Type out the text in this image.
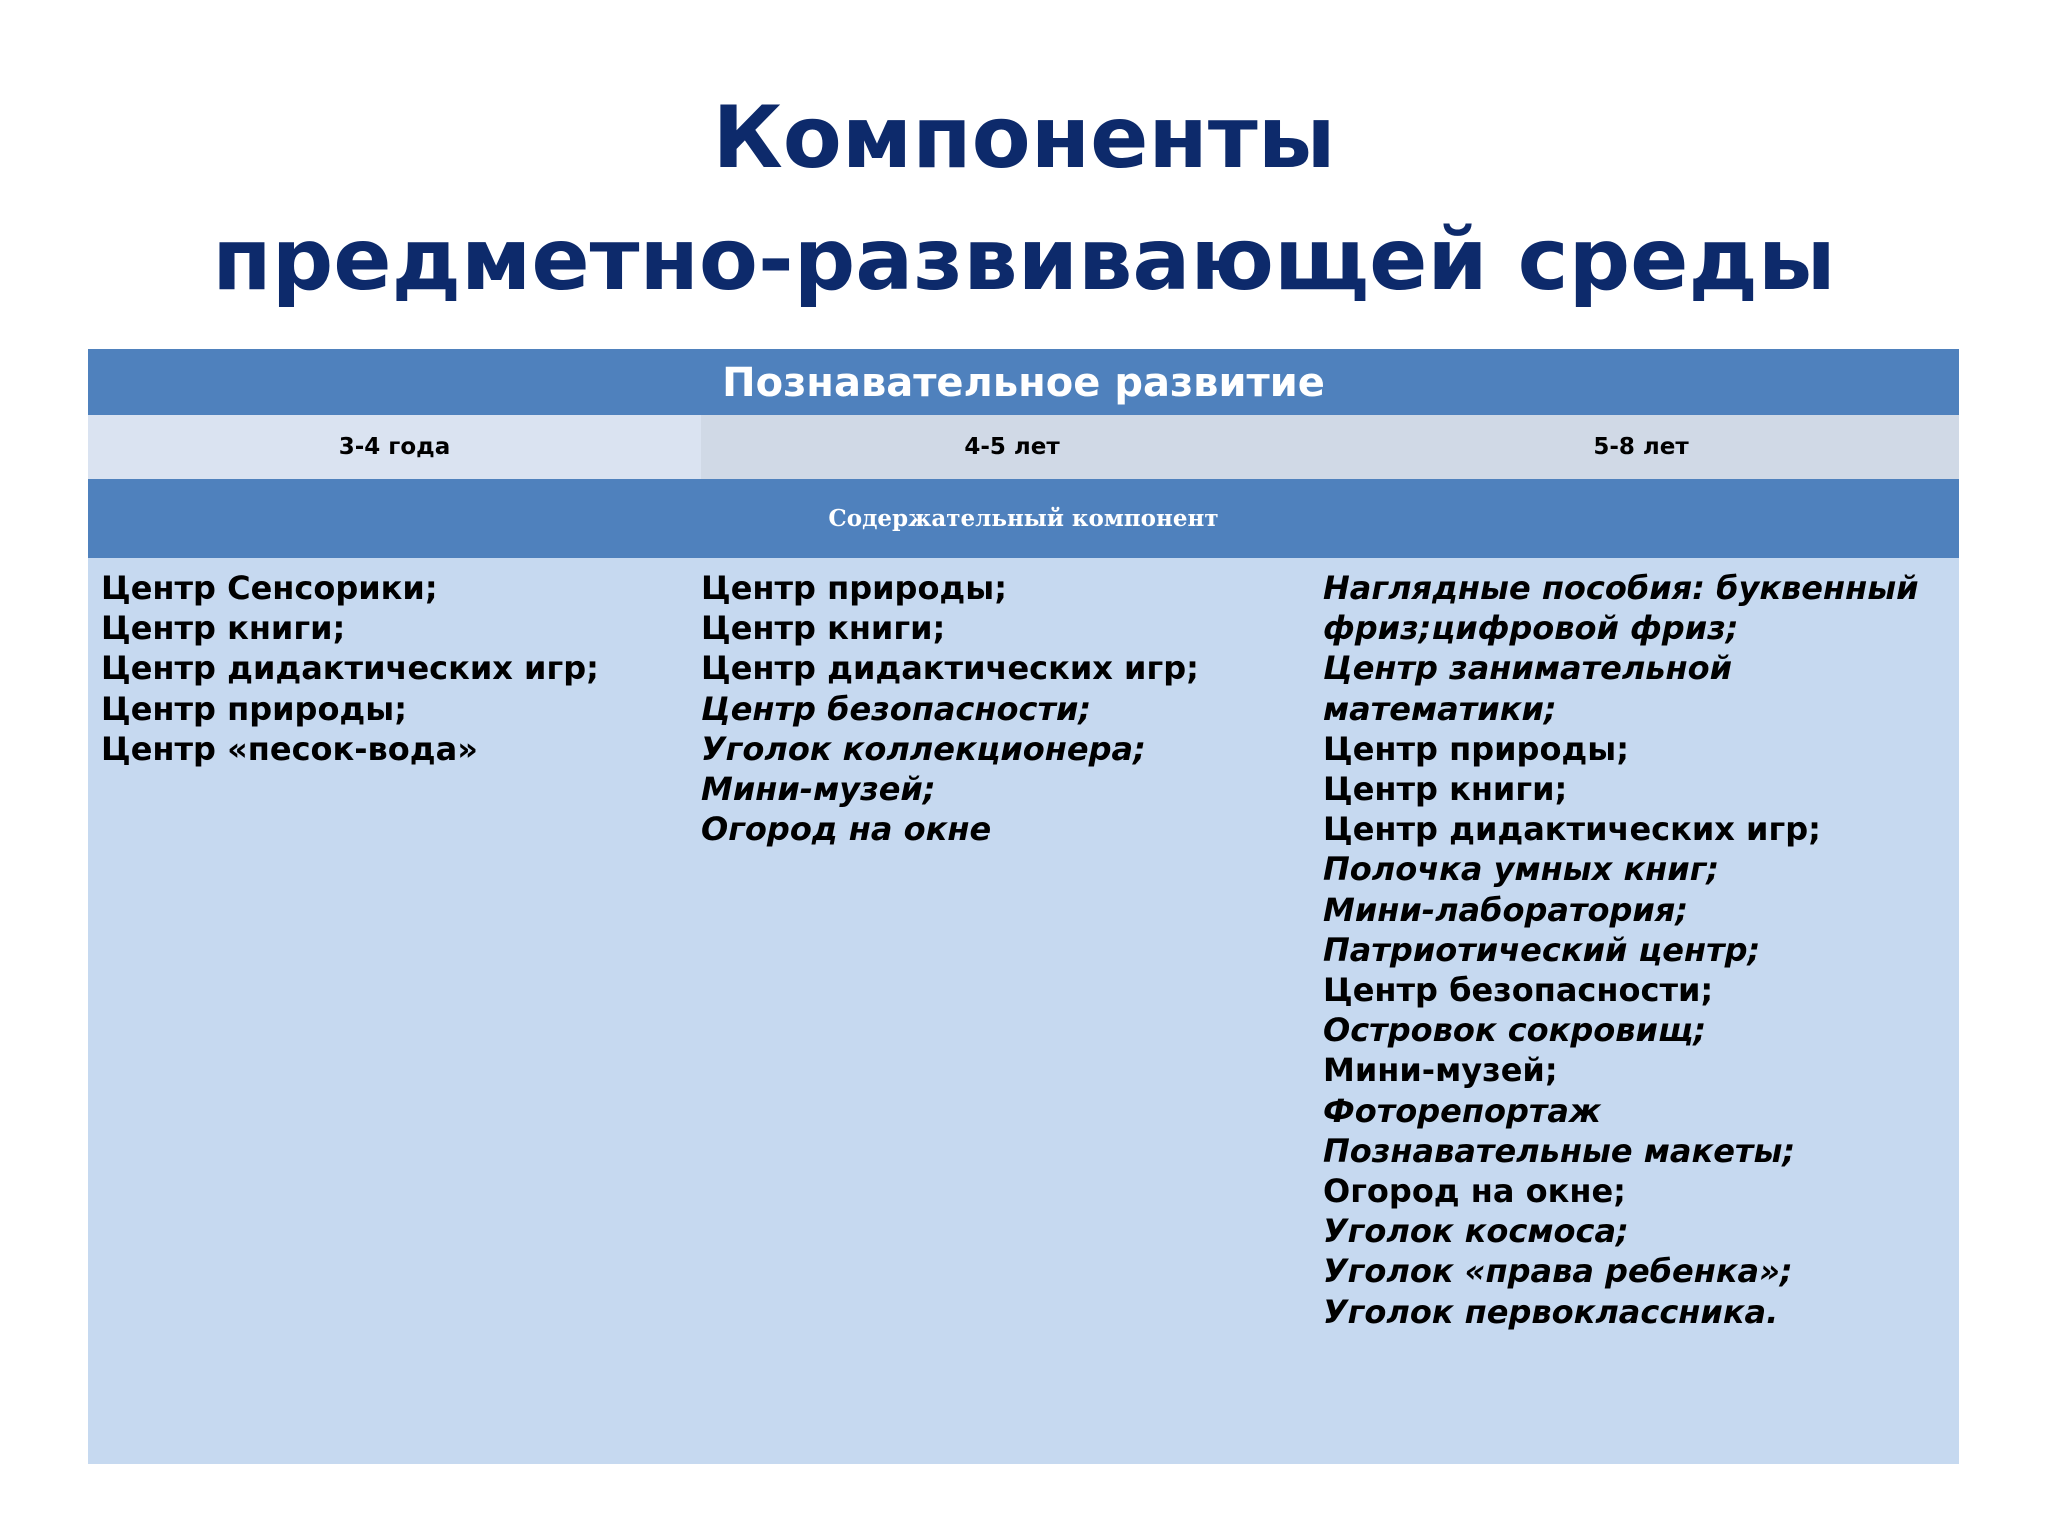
Компоненты
предметно-развивающей среды
Познавательное развитие
3-4 года	4-5 лет	5-8 лет
Содержательный компонент
Центр Сенсорики;
Центр книги;
Центр дидактических игр;
Центр природы;
Центр «песок-вода»
Центр природы;
Центр книги;
Центр дидактических игр;
Центр безопасности;
Уголок коллекционера;
Мини-музей;
Огород на окне
Наглядные пособия: буквенный
фриз;цифровой фриз;
Центр занимательной
математики;
Центр природы;
Центр книги;
Центр дидактических игр;
Полочка умных книг;
Мини-лаборатория;
Патриотический центр;
Центр безопасности;
Островок сокровищ;
Мини-музей;
Фоторепортаж
Познавательные макеты;
Огород на окне;
Уголок космоса;
Уголок «права ребенка»;
Уголок первоклассника.
